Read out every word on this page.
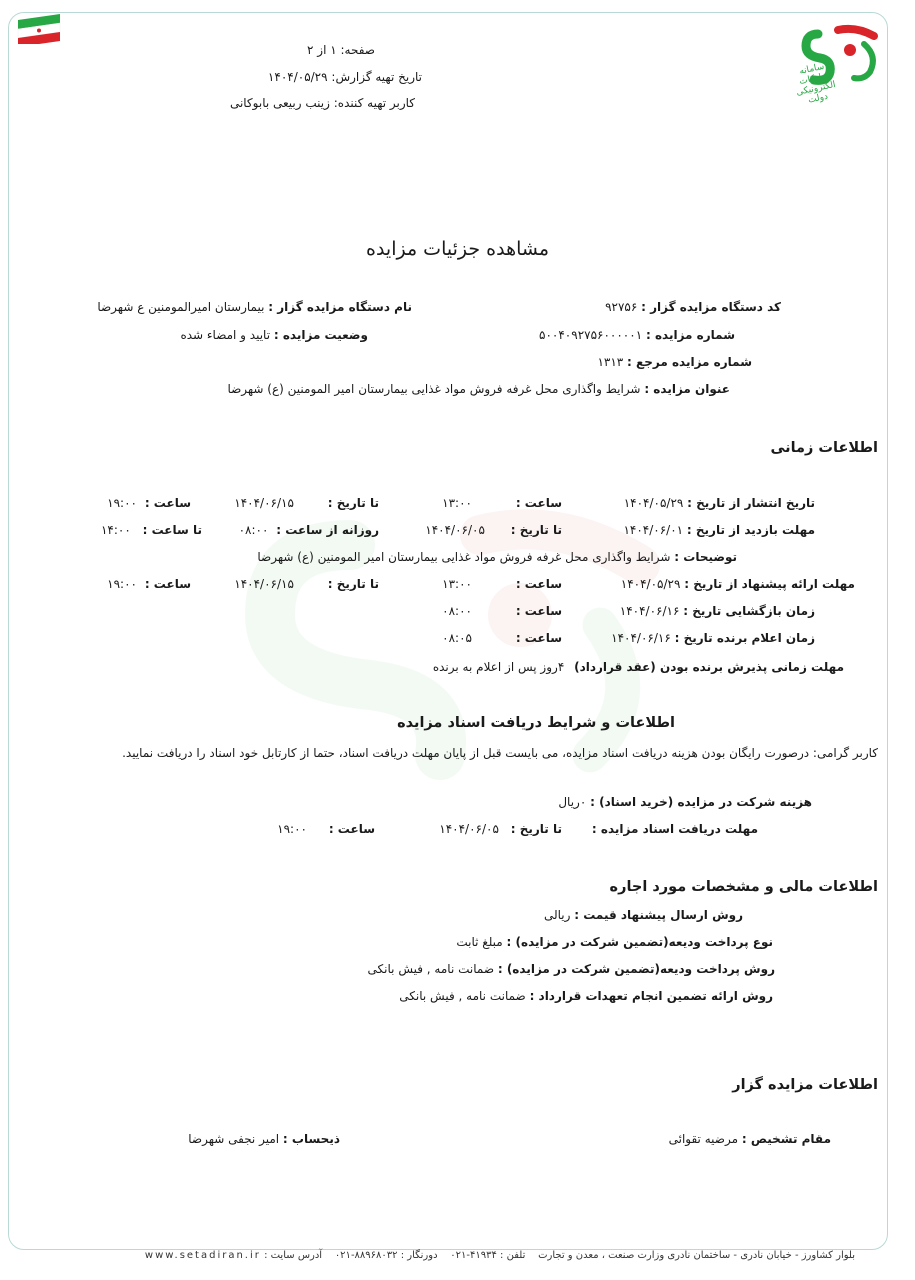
سامانه تدارکات الکترونیکی دولت
صفحه: ۱ از ۲
تاریخ تهیه گزارش: ۱۴۰۴/۰۵/۲۹
کاربر تهیه کننده: زینب ربیعی بابوکانی
مشاهده جزئیات مزایده
کد دستگاه مزایده گزار : ۹۲۷۵۶
نام دستگاه مزایده گزار : بیمارستان امیرالمومنین ع شهرضا
شماره مزایده : ۵۰۰۴۰۹۲۷۵۶۰۰۰۰۰۱
وضعیت مزایده : تایید و امضاء شده
شماره مزایده مرجع : ۱۳۱۳
عنوان مزایده : شرایط واگذاری محل غرفه فروش مواد غذایی بیمارستان امیر المومنین (ع) شهرضا
اطلاعات زمانی
تاریخ انتشار از تاریخ : ۱۴۰۴/۰۵/۲۹
ساعت : ۱۳:۰۰
تا تاریخ : ۱۴۰۴/۰۶/۱۵
ساعت : ۱۹:۰۰
مهلت بازدید از تاریخ : ۱۴۰۴/۰۶/۰۱
تا تاریخ : ۱۴۰۴/۰۶/۰۵
روزانه از ساعت : ۰۸:۰۰
تا ساعت : ۱۴:۰۰
توضیحات : شرایط واگذاری محل غرفه فروش مواد غذایی بیمارستان امیر المومنین (ع) شهرضا
مهلت ارائه پیشنهاد از تاریخ : ۱۴۰۴/۰۵/۲۹
ساعت : ۱۳:۰۰
تا تاریخ : ۱۴۰۴/۰۶/۱۵
ساعت : ۱۹:۰۰
زمان بازگشایی تاریخ : ۱۴۰۴/۰۶/۱۶
ساعت : ۰۸:۰۰
زمان اعلام برنده تاریخ : ۱۴۰۴/۰۶/۱۶
ساعت : ۰۸:۰۵
مهلت زمانی پذیرش برنده بودن (عقد قرارداد) ۴روز پس از اعلام به برنده
اطلاعات و شرایط دریافت اسناد مزایده
کاربر گرامی: درصورت رایگان بودن هزینه دریافت اسناد مزایده، می بایست قبل از پایان مهلت دریافت اسناد، حتما از کارتابل خود اسناد را دریافت نمایید.
هزینه شرکت در مزایده (خرید اسناد) : ۰ریال
مهلت دریافت اسناد مزایده :
تا تاریخ : ۱۴۰۴/۰۶/۰۵
ساعت : ۱۹:۰۰
اطلاعات مالی و مشخصات مورد اجاره
روش ارسال پیشنهاد قیمت : ریالی
نوع پرداخت ودیعه(تضمین شرکت در مزایده) : مبلغ ثابت
روش پرداخت ودیعه(تضمین شرکت در مزایده) : ضمانت نامه , فیش بانکی
روش ارائه تضمین انجام تعهدات قرارداد : ضمانت نامه , فیش بانکی
اطلاعات مزایده گزار
مقام تشخیص : مرضیه تقوائی
ذیحساب : امیر نجفی شهرضا
بلوار کشاورز - خیابان نادری - ساختمان نادری وزارت صنعت ، معدن و تجارت    تلفن : ۴۱۹۳۴-۰۲۱    دورنگار : ۸۸۹۶۸۰۳۲-۰۲۱    آدرس سایت : www.setadiran.ir
